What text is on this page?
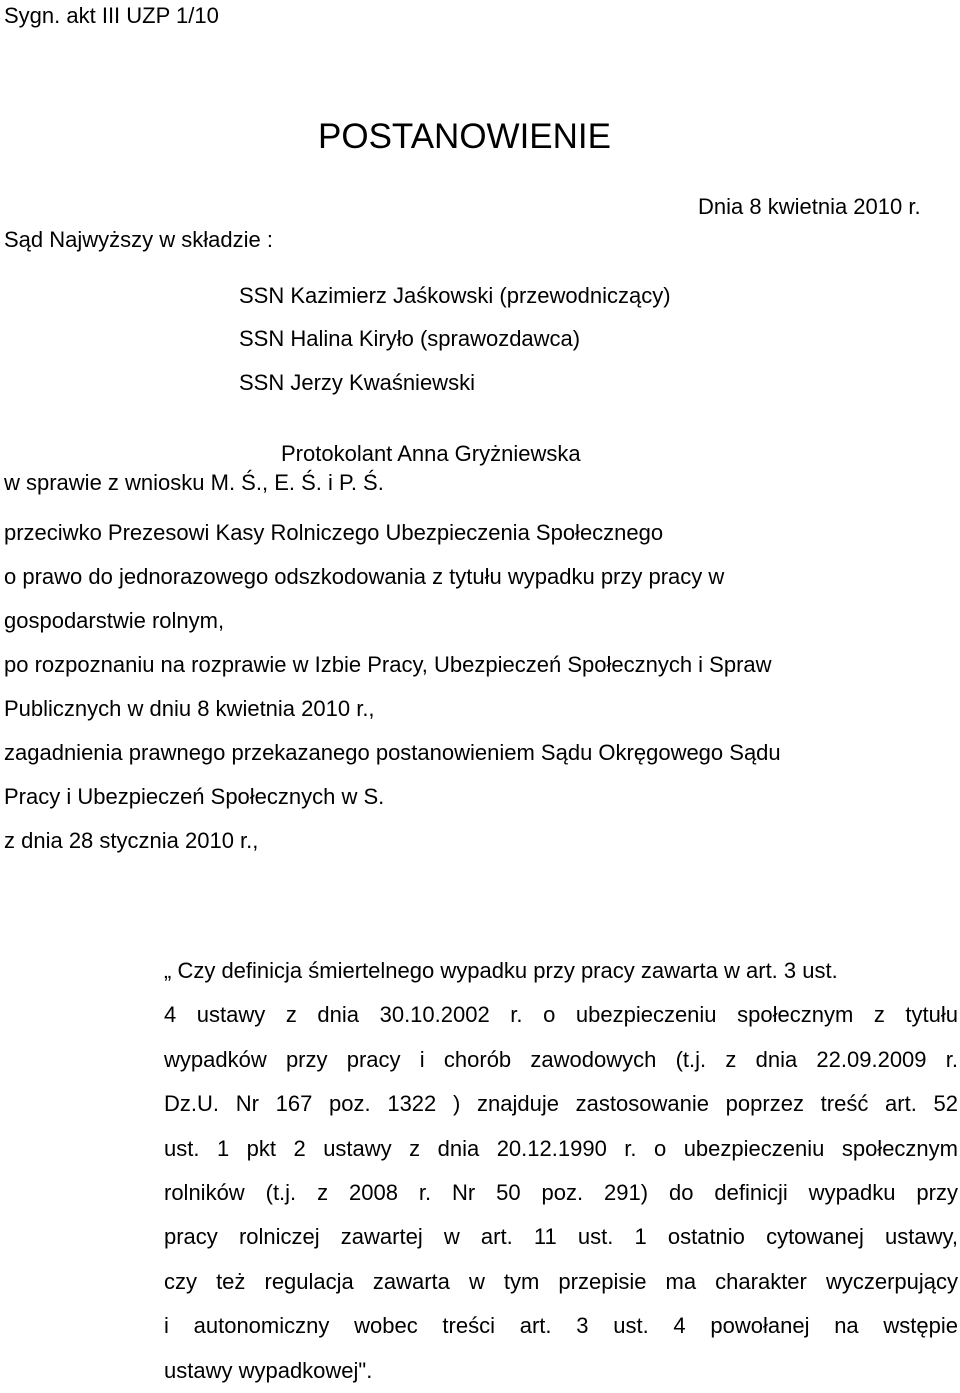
Sygn. akt III UZP 1/10
POSTANOWIENIE
Dnia 8 kwietnia 2010 r.
Sąd Najwyższy w składzie :
SSN Kazimierz Jaśkowski (przewodniczący)
SSN Halina Kiryło (sprawozdawca)
SSN Jerzy Kwaśniewski
Protokolant Anna Gryżniewska
w sprawie z wniosku M. Ś., E. Ś. i P. Ś.
przeciwko Prezesowi Kasy Rolniczego Ubezpieczenia Społecznego
o prawo do jednorazowego odszkodowania z tytułu wypadku przy pracy w
gospodarstwie rolnym,
po rozpoznaniu na rozprawie w Izbie Pracy, Ubezpieczeń Społecznych i Spraw
Publicznych w dniu 8 kwietnia 2010 r.,
zagadnienia prawnego przekazanego postanowieniem Sądu Okręgowego Sądu
Pracy i Ubezpieczeń Społecznych w S.
z dnia 28 stycznia 2010 r.,
„ Czy definicja śmiertelnego wypadku przy pracy zawarta w art. 3 ust.
4 ustawy z dnia 30.10.2002 r. o ubezpieczeniu społecznym z tytułu
wypadków przy pracy i chorób zawodowych (t.j. z dnia 22.09.2009 r.
Dz.U. Nr 167 poz. 1322 ) znajduje zastosowanie poprzez treść art. 52
ust. 1 pkt 2 ustawy z dnia 20.12.1990 r. o ubezpieczeniu społecznym
rolników (t.j. z 2008 r. Nr 50 poz. 291) do definicji wypadku przy
pracy rolniczej zawartej w art. 11 ust. 1 ostatnio cytowanej ustawy,
czy też regulacja zawarta w tym przepisie ma charakter wyczerpujący
i autonomiczny wobec treści art. 3 ust. 4 powołanej na wstępie
ustawy wypadkowej".
